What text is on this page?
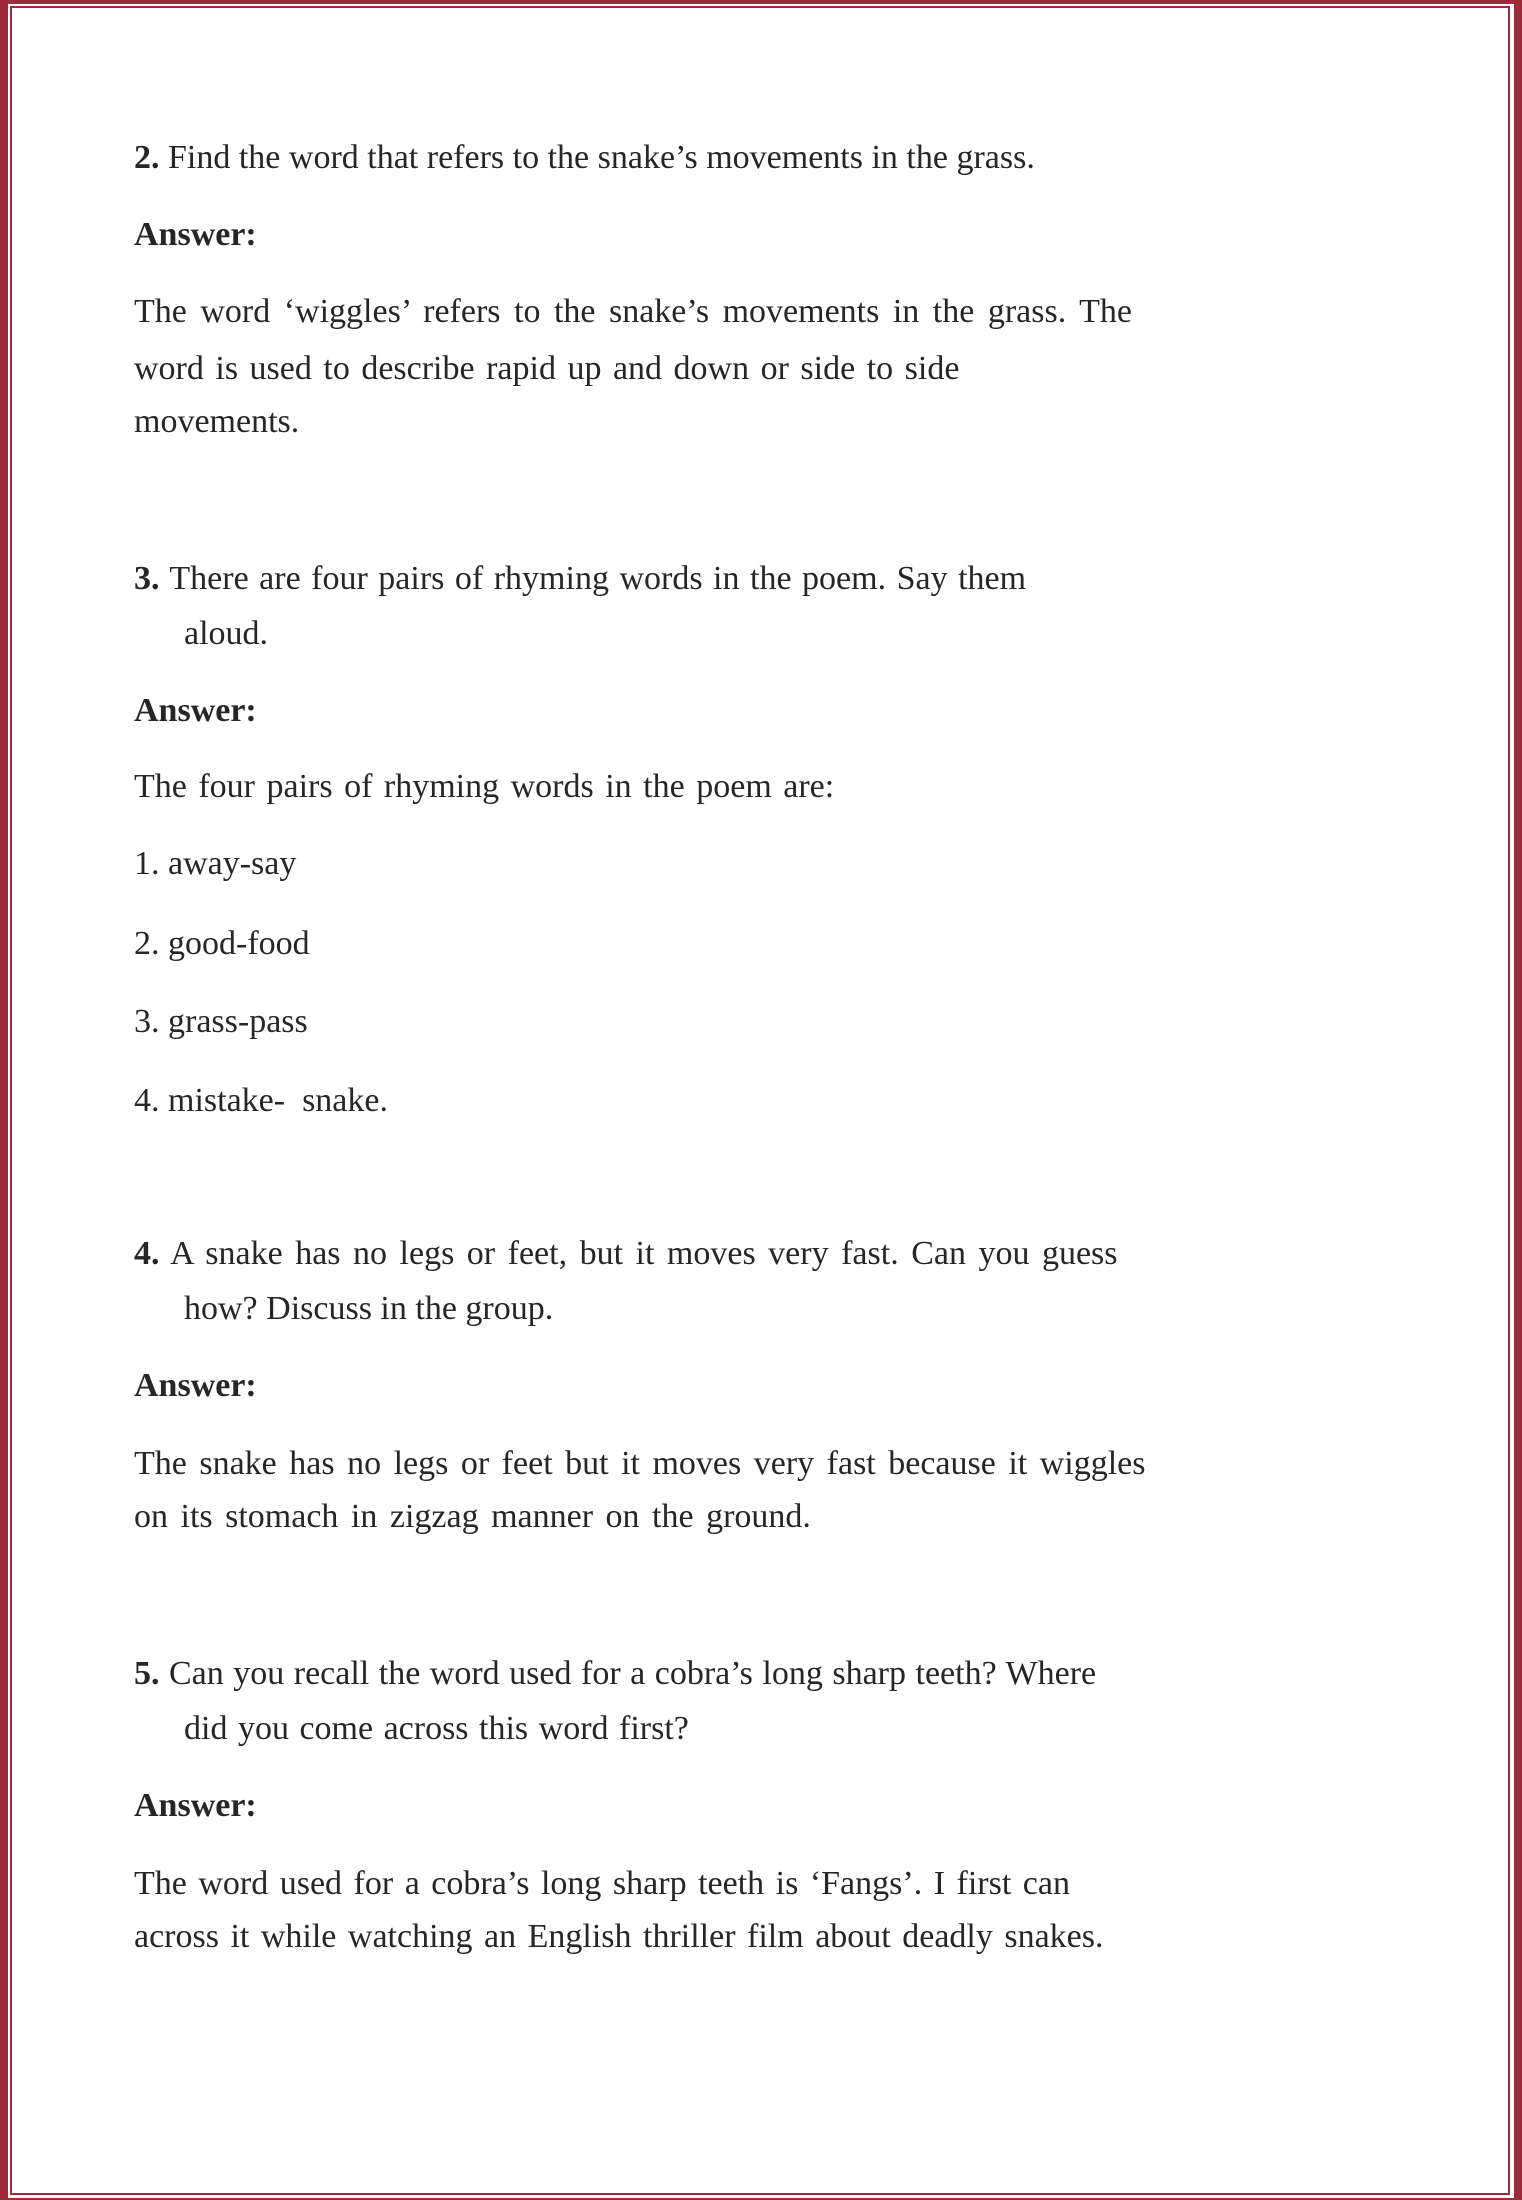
2. Find the word that refers to the snake’s movements in the grass.
Answer:
The word ‘wiggles’ refers to the snake’s movements in the grass. The
word is used to describe rapid up and down or side to side
movements.
3. There are four pairs of rhyming words in the poem. Say them
aloud.
Answer:
The four pairs of rhyming words in the poem are:
1. away-say
2. good-food
3. grass-pass
4. mistake-  snake.
4. A snake has no legs or feet, but it moves very fast. Can you guess
how? Discuss in the group.
Answer:
The snake has no legs or feet but it moves very fast because it wiggles
on its stomach in zigzag manner on the ground.
5. Can you recall the word used for a cobra’s long sharp teeth? Where
did you come across this word first?
Answer:
The word used for a cobra’s long sharp teeth is ‘Fangs’. I first can
across it while watching an English thriller film about deadly snakes.
